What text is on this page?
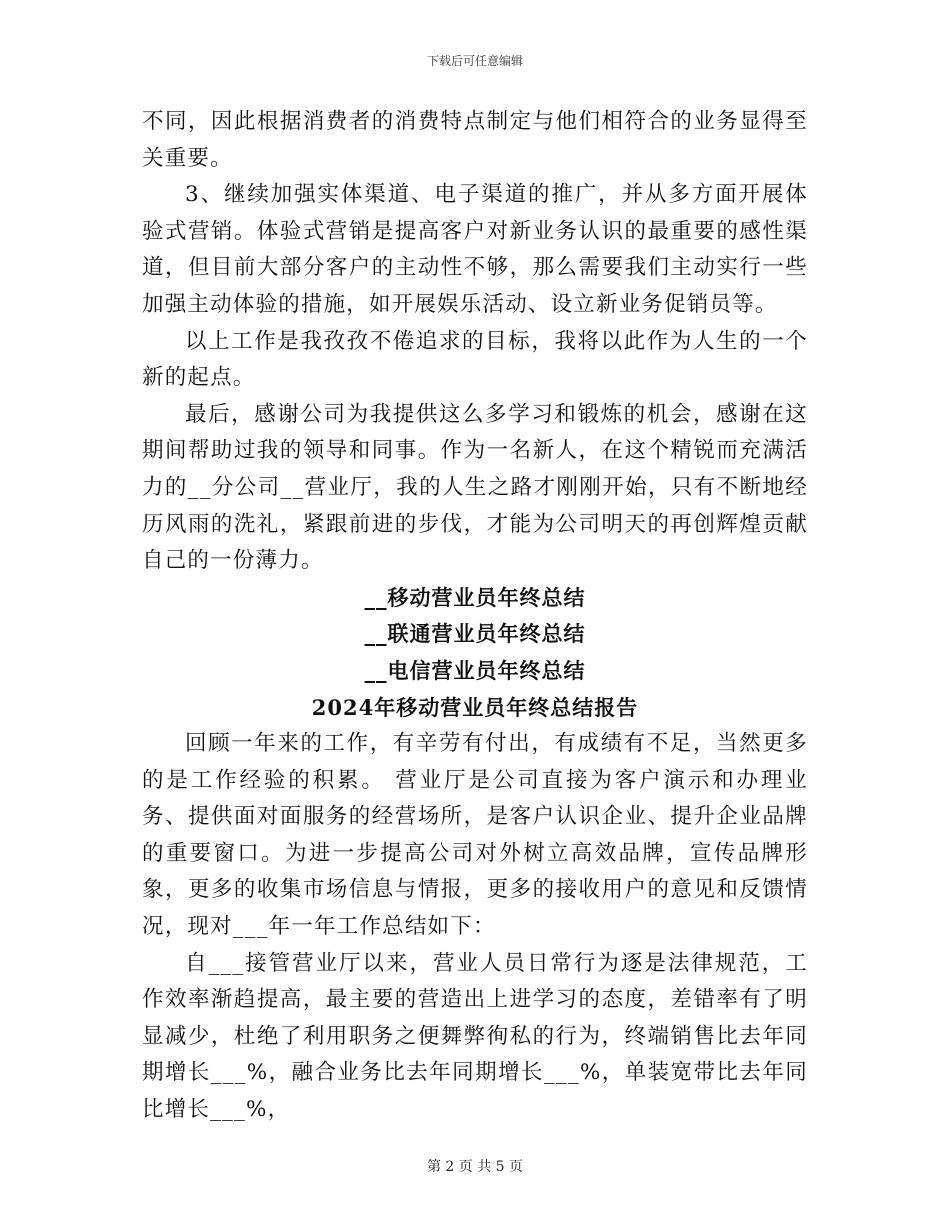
下载后可任意编辑

不同，因此根据消费者的消费特点制定与他们相符合的业务显得至关重要。

3、继续加强实体渠道、电子渠道的推广，并从多方面开展体验式营销。体验式营销是提高客户对新业务认识的最重要的感性渠道，但目前大部分客户的主动性不够，那么需要我们主动实行一些加强主动体验的措施，如开展娱乐活动、设立新业务促销员等。

以上工作是我孜孜不倦追求的目标，我将以此作为人生的一个新的起点。

最后，感谢公司为我提供这么多学习和锻炼的机会，感谢在这期间帮助过我的领导和同事。作为一名新人，在这个精锐而充满活力的__分公司__营业厅，我的人生之路才刚刚开始，只有不断地经历风雨的洗礼，紧跟前进的步伐，才能为公司明天的再创辉煌贡献自己的一份薄力。

__移动营业员年终总结

__联通营业员年终总结

__电信营业员年终总结

2024年移动营业员年终总结报告

回顾一年来的工作，有辛劳有付出，有成绩有不足，当然更多的是工作经验的积累。 营业厅是公司直接为客户演示和办理业务、提供面对面服务的经营场所，是客户认识企业、提升企业品牌的重要窗口。为进一步提高公司对外树立高效品牌，宣传品牌形象，更多的收集市场信息与情报，更多的接收用户的意见和反馈情况，现对___年一年工作总结如下：

自___接管营业厅以来，营业人员日常行为逐是法律规范，工作效率渐趋提高，最主要的营造出上进学习的态度，差错率有了明显减少，杜绝了利用职务之便舞弊徇私的行为，终端销售比去年同期增长___%，融合业务比去年同期增长___%，单装宽带比去年同比增长___%，

第 2 页 共 5 页
